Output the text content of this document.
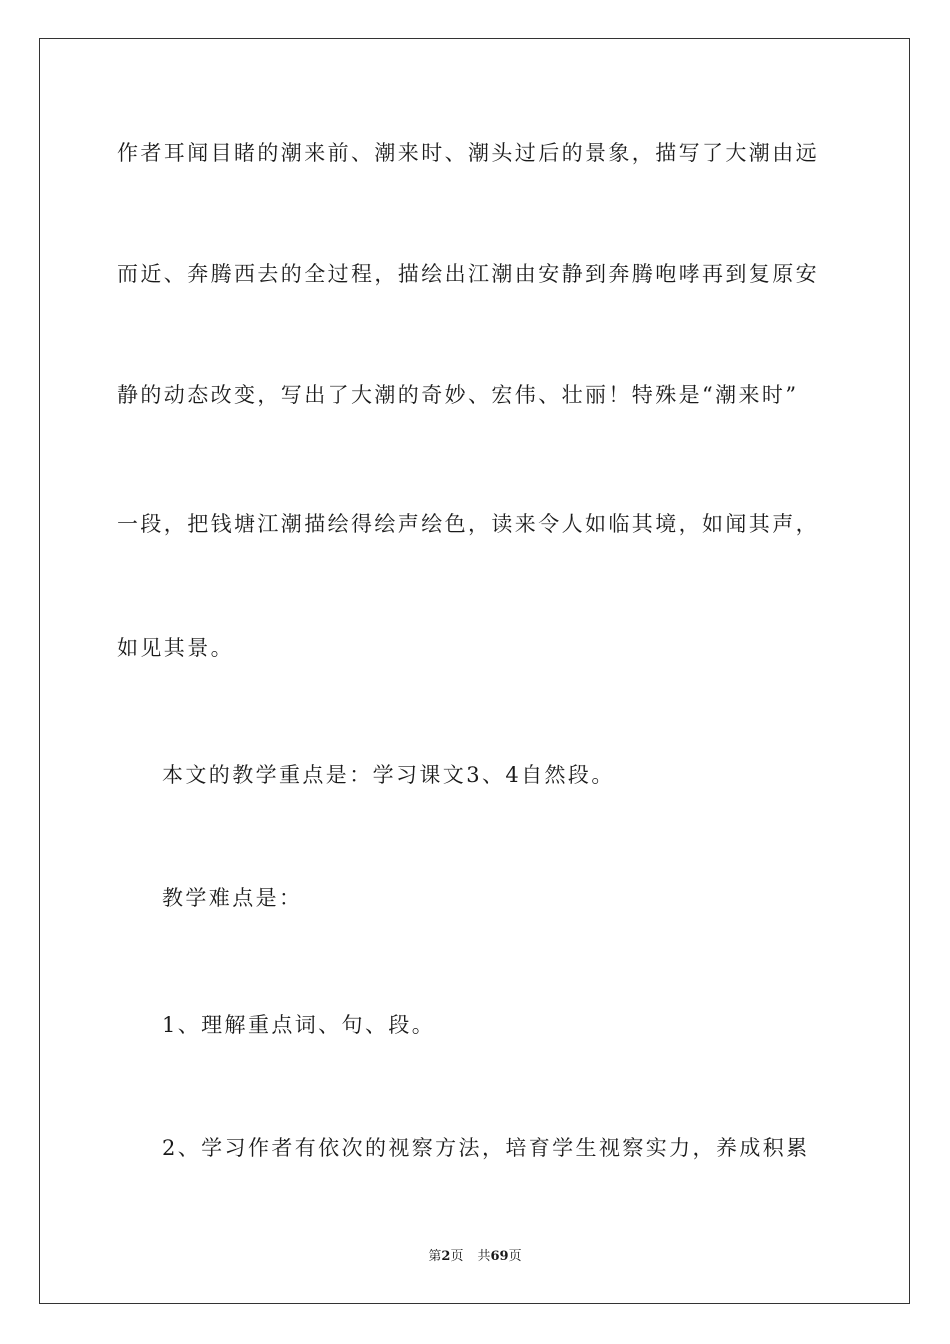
作者耳闻目睹的潮来前、潮来时、潮头过后的景象，描写了大潮由远
而近、奔腾西去的全过程，描绘出江潮由安静到奔腾咆哮再到复原安
静的动态改变，写出了大潮的奇妙、宏伟、壮丽！特殊是“潮来时”
一段，把钱塘江潮描绘得绘声绘色，读来令人如临其境，如闻其声，
如见其景。
本文的教学重点是：学习课文3、4自然段。
教学难点是：
1、理解重点词、句、段。
2、学习作者有依次的视察方法，培育学生视察实力，养成积累
第2页 共69页
